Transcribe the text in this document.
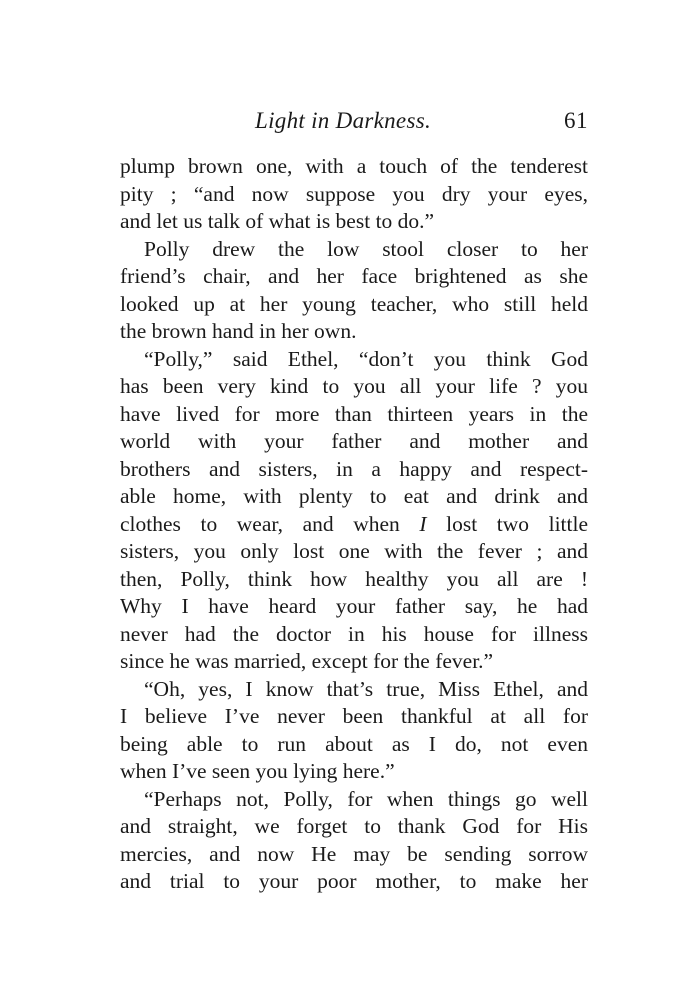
Light in Darkness.	61
plump brown one, with a touch of the tenderest
pity ; “and now suppose you dry your eyes,
and let us talk of what is best to do.”
Polly drew the low stool closer to her
friend’s chair, and her face brightened as she
looked up at her young teacher, who still held
the brown hand in her own.
“Polly,” said Ethel, “don’t you think God
has been very kind to you all your life ? you
have lived for more than thirteen years in the
world with your father and mother and
brothers and sisters, in a happy and respect-
able home, with plenty to eat and drink and
clothes to wear, and when I lost two little
sisters, you only lost one with the fever ; and
then, Polly, think how healthy you all are !
Why I have heard your father say, he had
never had the doctor in his house for illness
since he was married, except for the fever.”
“Oh, yes, I know that’s true, Miss Ethel, and
I believe I’ve never been thankful at all for
being able to run about as I do, not even
when I’ve seen you lying here.”
“Perhaps not, Polly, for when things go well
and straight, we forget to thank God for His
mercies, and now He may be sending sorrow
and trial to your poor mother, to make her
